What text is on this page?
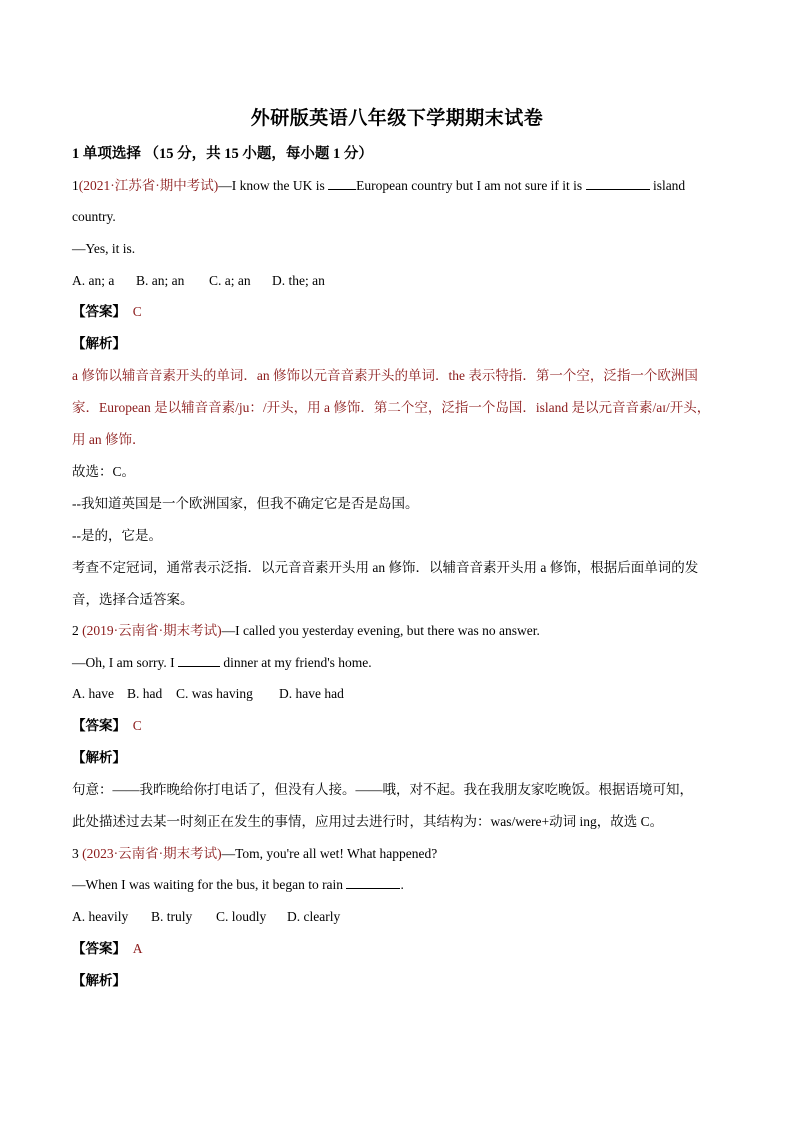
外研版英语八年级下学期期末试卷
1 单项选择 （15 分，共 15 小题，每小题 1 分）
1(2021·江苏省·期中考试)—I know the UK is European country but I am not sure if it is	island
country.
—Yes, it is.
A. an; a B. an; an C. a; an D. the; an
【答案】 C
【解析】
a 修饰以辅音音素开头的单词．an 修饰以元音音素开头的单词．the 表示特指．第一个空，泛指一个欧洲国
家．European 是以辅音音素/ju：/开头，用 a 修饰．第二个空，泛指一个岛国．island 是以元音音素/aɪ/开头，
用 an 修饰．
故选：C。
--我知道英国是一个欧洲国家，但我不确定它是否是岛国。
--是的，它是。
考查不定冠词，通常表示泛指．以元音音素开头用 an 修饰．以辅音音素开头用 a 修饰，根据后面单词的发
音，选择合适答案。
2 (2019·云南省·期末考试)—I called you yesterday evening, but there was no answer.
—Oh, I am sorry. I	dinner at my friend's home.
A. have B. had C. was having D. have had
【答案】 C
【解析】
句意：——我昨晚给你打电话了，但没有人接。——哦，对不起。我在我朋友家吃晚饭。根据语境可知，
此处描述过去某一时刻正在发生的事情，应用过去进行时，其结构为：was/were+动词 ing，故选 C。
3 (2023·云南省·期末考试)—Tom, you're all wet! What happened?
—When I was waiting for the bus, it began to rain	.
A. heavily B. truly C. loudly D. clearly
【答案】 A
【解析】
